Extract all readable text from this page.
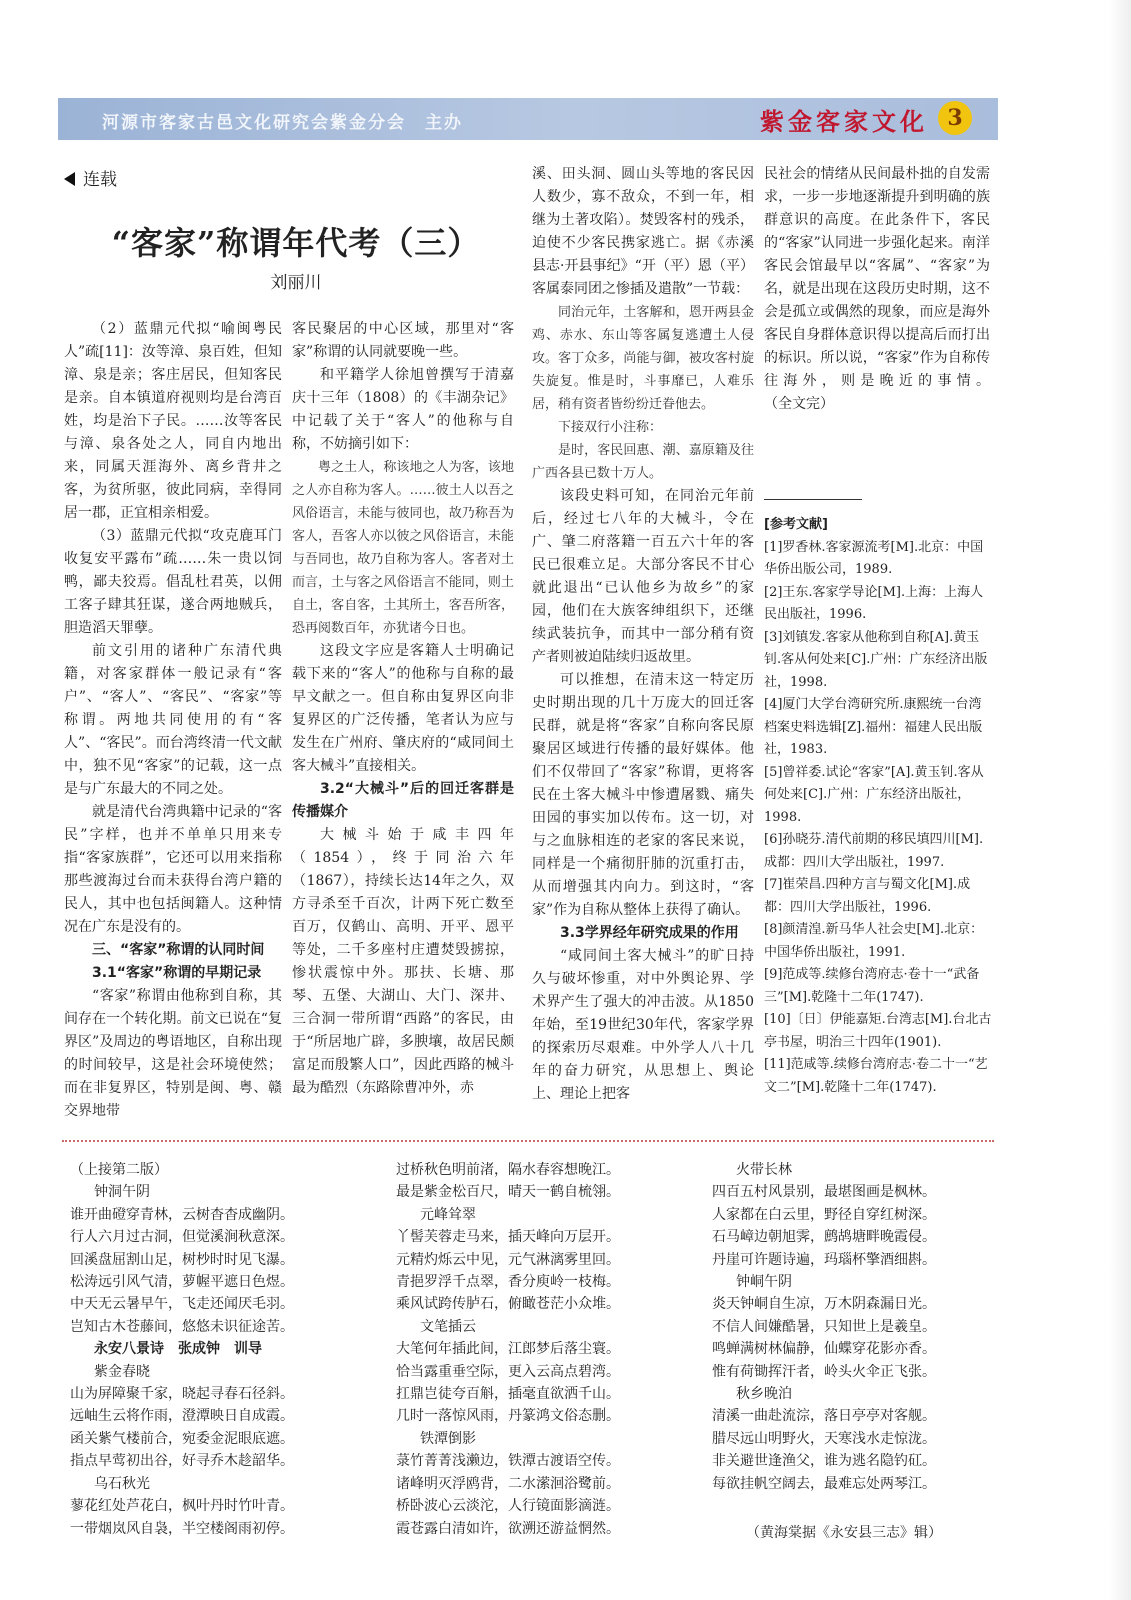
河源市客家古邑文化研究会紫金分会　主办	紫金客家文化 3
连载
“客家”称谓年代考（三）
刘丽川

（2）蓝鼎元代拟“喻闽粤民人”疏[11]：汝等漳、泉百姓，但知漳、泉是亲；客庄居民，但知客民是亲。自本镇道府视则均是台湾百姓，均是治下子民。……汝等客民与漳、泉各处之人，同自内地出来，同属天涯海外、离乡背井之客，为贫所驱，彼此同病，幸得同居一郡，正宜相亲相爱。

（3）蓝鼎元代拟“攻克鹿耳门收复安平露布”疏……朱一贵以饲鸭，鄙夫狡焉。倡乱杜君英，以佣工客子肆其狂谋，遂合两地贼兵，胆造滔天罪孽。

前文引用的诸种广东清代典籍，对客家群体一般记录有“客户”、“客人”、“客民”、“客家”等称谓。两地共同使用的有“客人”、“客民”。而台湾终清一代文献中，独不见“客家”的记载，这一点是与广东最大的不同之处。

就是清代台湾典籍中记录的“客民”字样，也并不单单只用来专指“客家族群”，它还可以用来指称那些渡海过台而未获得台湾户籍的民人，其中也包括闽籍人。这种情况在广东是没有的。

三、“客家”称谓的认同时间

3.1“客家”称谓的早期记录

“客家”称谓由他称到自称，其间存在一个转化期。前文已说在“复界区”及周边的粤语地区，自称出现的时间较早，这是社会环境使然；而在非复界区，特别是闽、粤、赣交界地带

客民聚居的中心区域，那里对“客家”称谓的认同就要晚一些。

和平籍学人徐旭曾撰写于清嘉庆十三年（1808）的《丰湖杂记》中记载了关于“客人”的他称与自称，不妨摘引如下：

粤之土人，称该地之人为客，该地之人亦自称为客人。……彼土人以吾之风俗语言，未能与彼同也，故乃称吾为客人，吾客人亦以彼之风俗语言，未能与吾同也，故乃自称为客人。客者对土而言，土与客之风俗语言不能同，则土自土，客自客，土其所土，客吾所客，恐再阅数百年，亦犹诸今日也。

这段文字应是客籍人士明确记载下来的“客人”的他称与自称的最早文献之一。但自称由复界区向非复界区的广泛传播，笔者认为应与发生在广州府、肇庆府的“咸同间土客大械斗”直接相关。

3.2“大械斗”后的回迁客群是传播媒介

大械斗始于咸丰四年（1854），终于同治六年（1867），持续长达14年之久，双方寻杀至千百次，计两下死亡数至百万，仅鹤山、高明、开平、恩平等处，二千多座村庄遭焚毁掳掠，惨状震惊中外。那扶、长塘、那琴、五堡、大湖山、大门、深井、三合洞一带所谓“西路”的客民，由于“所居地广辟，多腴壤，故居民颇富足而殷繁人口”，因此西路的械斗最为酷烈（东路除曹冲外，赤

溪、田头洞、圆山头等地的客民因人数少，寡不敌众，不到一年，相继为土著攻陷）。焚毁客村的残杀，迫使不少客民携家逃亡。据《赤溪县志·开县事纪》“开（平）恩（平）客属泰同团之惨插及遣散”一节载：

同治元年，土客解和，恩开两县金鸡、赤水、东山等客属复逃遭土人侵攻。客丁众多，尚能与御，被攻客村旋失旋复。惟是时，斗事靡已，人难乐居，稍有资者皆纷纷迁眷他去。

下接双行小注称：

是时，客民回惠、潮、嘉原籍及往广西各县已数十万人。

该段史料可知，在同治元年前后，经过七八年的大械斗，令在广、肇二府落籍一百五六十年的客民已很难立足。大部分客民不甘心就此退出“已认他乡为故乡”的家园，他们在大族客绅组织下，还继续武装抗争，而其中一部分稍有资产者则被迫陆续归返故里。

可以推想，在清末这一特定历史时期出现的几十万庞大的回迁客民群，就是将“客家”自称向客民原聚居区域进行传播的最好媒体。他们不仅带回了“客家”称谓，更将客民在土客大械斗中惨遭屠戮、痛失田园的事实加以传布。这一切，对与之血脉相连的老家的客民来说，同样是一个痛彻肝肺的沉重打击，从而增强其内向力。到这时，“客家”作为自称从整体上获得了确认。

3.3学界经年研究成果的作用

“咸同间土客大械斗”的旷日持久与破坏惨重，对中外舆论界、学术界产生了强大的冲击波。从1850年始，至19世纪30年代，客家学界的探索历尽艰难。中外学人八十几年的奋力研究，从思想上、舆论上、理论上把客

民社会的情绪从民间最朴拙的自发需求，一步一步地逐渐提升到明确的族群意识的高度。在此条件下，客民的“客家”认同进一步强化起来。南洋客民会馆最早以“客属”、“客家”为名，就是出现在这段历史时期，这不会是孤立或偶然的现象，而应是海外客民自身群体意识得以提高后而打出的标识。所以说，“客家”作为自称传往海外，则是晚近的事情。（全文完）

[参考文献]

[1]罗香林.客家源流考[M].北京：中国华侨出版公司，1989.

[2]王东.客家学导论[M].上海：上海人民出版社，1996.

[3]刘镇发.客家从他称到自称[A].黄玉钊.客从何处来[C].广州：广东经济出版社，1998.

[4]厦门大学台湾研究所.康熙统一台湾档案史料选辑[Z].福州：福建人民出版社，1983.

[5]曾祥委.试论“客家”[A].黄玉钊.客从何处来[C].广州：广东经济出版社，1998.

[6]孙晓芬.清代前期的移民填四川[M].成都：四川大学出版社，1997.

[7]崔荣昌.四种方言与蜀文化[M].成都：四川大学出版社，1996.

[8]颜清湟.新马华人社会史[M].北京：中国华侨出版社，1991.

[9]范成等.续修台湾府志·卷十一“武备三”[M].乾隆十二年(1747).

[10]〔日〕伊能嘉矩.台湾志[M].台北古亭书屋，明治三十四年(1901).

[11]范咸等.续修台湾府志·卷二十一“艺文二”[M].乾隆十二年(1747).

（上接第二版）

钟洞午阴

谁开曲磴穿青林，云树杳杳成幽阴。

行人六月过古洞，但觉溪涧秋意深。

回溪盘屈割山足，树杪时时见飞瀑。

松涛远引风气清，萝幄平遮日色煜。

中天无云暑早午，飞走还闻厌毛羽。

岂知古木苍藤间，悠悠未识征途苦。

永安八景诗　张成钟　训导

紫金春晓

山为屏障聚千家，晓起寻春石径斜。

远岫生云将作雨，澄潭映日自成霞。

函关紫气楼前合，宛委金泥眼底遮。

指点早莺初出谷，好寻乔木趁韶华。

乌石秋光

蓼花红处芦花白，枫叶丹时竹叶青。

一带烟岚风自袅，半空楼阁雨初停。

过桥秋色明前渚，隔水春容想晚江。

最是紫金松百尺，晴天一鹤自梳翎。

元峰耸翠

丫髻芙蓉走马来，插天峰向万层开。

元精灼烁云中见，元气淋漓雾里回。

青挹罗浮千点翠，香分庾岭一枝梅。

乘风试跨传胪石，俯瞰苍茫小众堆。

文笔插云

大笔何年插此间，江郎梦后落尘寰。

恰当露重垂空际，更入云高点碧湾。

扛鼎岂徒夸百斛，插毫直欲洒千山。

几时一落惊风雨，丹篆鸿文俗态删。

铁潭倒影

菉竹菁菁浅濑边，铁潭古渡语空传。

诸峰明灭浮鸥背，二水潆洄浴鹭前。

桥卧波心云淡沱，人行镜面影滴涟。

霞苍露白清如许，欲溯还游益惘然。

火带长林

四百五村风景别，最堪图画是枫林。

人家都在白云里，野径自穿红树深。

石马嶂边朝旭霁，鹧鸪塘畔晚霞侵。

丹崖可许题诗遍，玛瑙杯擎酒细斟。

钟峒午阴

炎天钟峒自生凉，万木阴森漏日光。

不信人间嫌酷暑，只知世上是羲皇。

鸣蝉满树林偏静，仙蝶穿花影亦香。

惟有荷锄挥汗者，岭头火伞正飞张。

秋乡晚泊

清溪一曲赴流淙，落日亭亭对客舰。

腊尽远山明野火，天寒浅水走惊泷。

非关避世逢渔父，谁为逃名隐钓矼。

每欲挂帆空阔去，最难忘处两琴江。

（黄海棠据《永安县三志》辑）
